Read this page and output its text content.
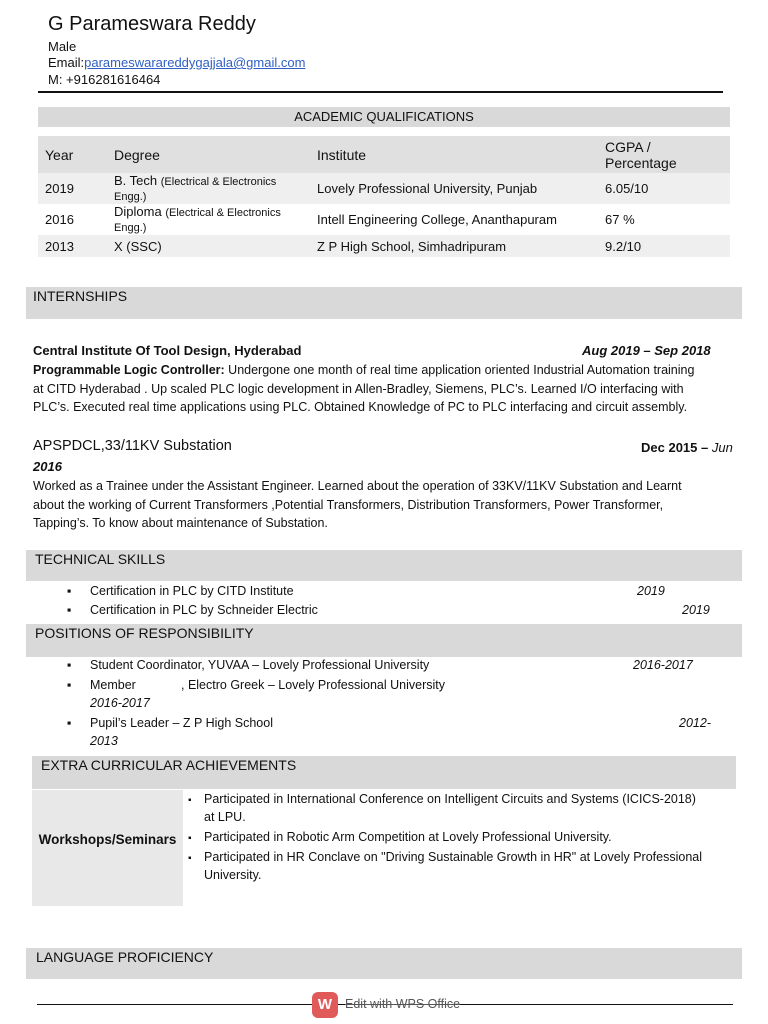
G Parameswara Reddy
Male
Email:parameswarareddygajjala@gmail.com
M: +916281616464
ACADEMIC QUALIFICATIONS
Year	Degree	Institute	CGPA /
Percentage

2019	B. Tech (Electrical & Electronics
Engg.)	Lovely Professional University, Punjab	6.05/10
2016	Diploma (Electrical & Electronics
Engg.)	Intell Engineering College, Ananthapuram	67 %
2013	X (SSC)	Z P High School, Simhadripuram	9.2/10
INTERNSHIPS
Central Institute Of Tool Design, Hyderabad	Aug 2019 – Sep 2018
Programmable Logic Controller: Undergone one month of real time application oriented Industrial Automation training
at CITD Hyderabad . Up scaled PLC logic development in Allen-Bradley, Siemens, PLC’s. Learned I/O interfacing with
PLC’s. Executed real time applications using PLC. Obtained Knowledge of PC to PLC interfacing and circuit assembly.
APSPDCL,33/11KV Substation	Dec 2015 – Jun
2016
Worked as a Trainee under the Assistant Engineer. Learned about the operation of 33KV/11KV Substation and Learnt
about the working of Current Transformers ,Potential Transformers, Distribution Transformers, Power Transformer,
Tapping’s. To know about maintenance of Substation.
TECHNICAL SKILLS
▪ Certification in PLC by CITD Institute	2019
▪ Certification in PLC by Schneider Electric	2019
POSITIONS OF RESPONSIBILITY
▪ Student Coordinator, YUVAA – Lovely Professional University	2016-2017
▪ Member	, Electro Greek – Lovely Professional University
2016-2017
▪ Pupil’s Leader – Z P High School	2012-
2013
EXTRA CURRICULAR ACHIEVEMENTS
Workshops/Seminars
▪ Participated in International Conference on Intelligent Circuits and Systems (ICICS-2018)
at LPU.
▪ Participated in Robotic Arm Competition at Lovely Professional University.
▪ Participated in HR Conclave on "Driving Sustainable Growth in HR" at Lovely Professional
University.
LANGUAGE PROFICIENCY
W	Edit with WPS Office
